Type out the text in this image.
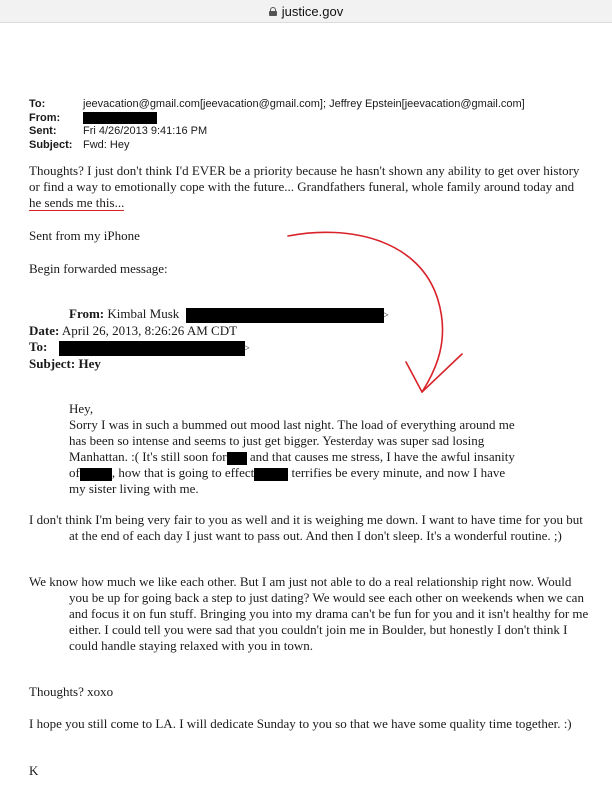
justice.gov
To:	jeevacation@gmail.com[jeevacation@gmail.com]; Jeffrey Epstein[jeevacation@gmail.com]
From:
Sent:	Fri 4/26/2013 9:41:16 PM
Subject: Fwd: Hey
Thoughts? I just don't think I'd EVER be a priority because he hasn't shown any ability to get over history or find a way to emotionally cope with the future... Grandfathers funeral, whole family around today and he sends me this...
Sent from my iPhone
Begin forwarded message:
From: Kimbal Musk	>
Date: April 26, 2013, 8:26:26 AM CDT
To:	>
Subject: Hey
Hey,
Sorry I was in such a bummed out mood last night. The load of everything around me has been so intense and seems to just get bigger. Yesterday was super sad losing Manhattan. :( It's still soon for and that causes me stress, I have the awful insanity of , how that is going to effect	terrifies be every minute, and now I have my sister living with me.
I don't think I'm being very fair to you as well and it is weighing me down. I want to have time for you but at the end of each day I just want to pass out. And then I don't sleep. It's a wonderful routine. ;)
We know how much we like each other. But I am just not able to do a real relationship right now. Would you be up for going back a step to just dating? We would see each other on weekends when we can and focus it on fun stuff. Bringing you into my drama can't be fun for you and it isn't healthy for me either. I could tell you were sad that you couldn't join me in Boulder, but honestly I don't think I could handle staying relaxed with you in town.
Thoughts? xoxo
I hope you still come to LA. I will dedicate Sunday to you so that we have some quality time together. :)
K
